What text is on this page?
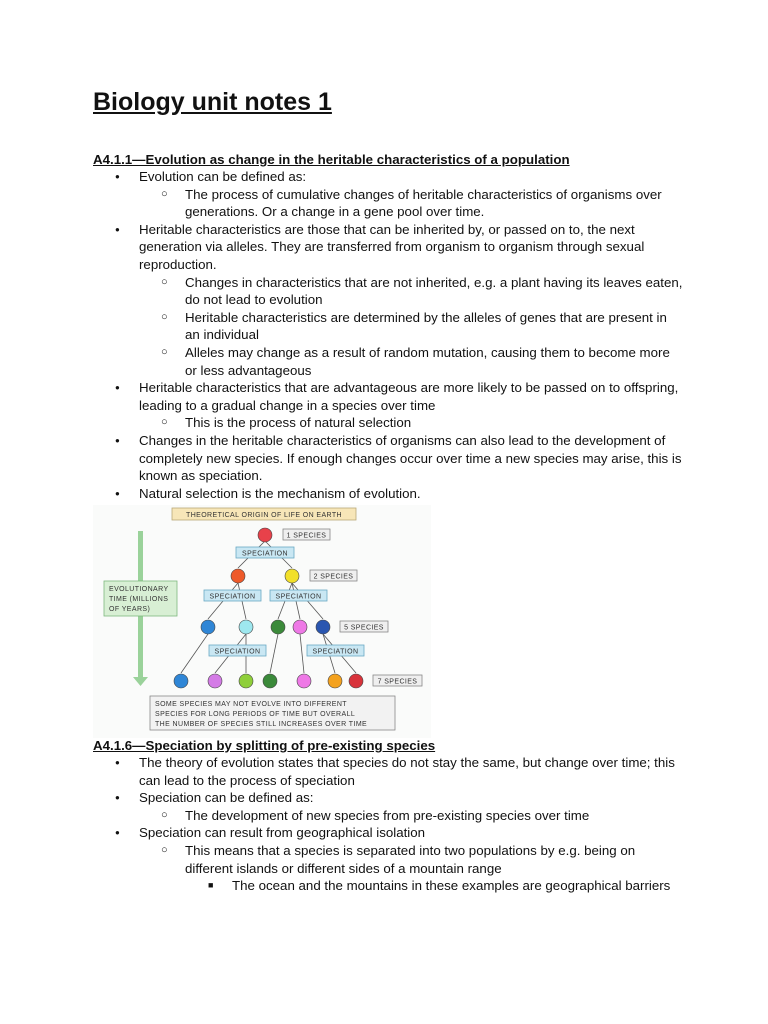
Biology unit notes 1
A4.1.1—Evolution as change in the heritable characteristics of a population
● Evolution can be defined as:
○ The process of cumulative changes of heritable characteristics of organisms over generations. Or a change in a gene pool over time.
● Heritable characteristics are those that can be inherited by, or passed on to, the next generation via alleles. They are transferred from organism to organism through sexual reproduction.
○ Changes in characteristics that are not inherited, e.g. a plant having its leaves eaten, do not lead to evolution
○ Heritable characteristics are determined by the alleles of genes that are present in an individual
○ Alleles may change as a result of random mutation, causing them to become more or less advantageous
● Heritable characteristics that are advantageous are more likely to be passed on to offspring, leading to a gradual change in a species over time
○ This is the process of natural selection
● Changes in the heritable characteristics of organisms can also lead to the development of completely new species. If enough changes occur over time a new species may arise, this is known as speciation.
● Natural selection is the mechanism of evolution.
THEORETICAL ORIGIN OF LIFE ON EARTH
EVOLUTIONARY
TIME (MILLIONS
OF YEARS)
SPECIATION
SPECIATION	SPECIATION
SPECIATION	SPECIATION
1 SPECIES
2 SPECIES
5 SPECIES
7 SPECIES
SOME SPECIES MAY NOT EVOLVE INTO DIFFERENT
SPECIES FOR LONG PERIODS OF TIME BUT OVERALL
THE NUMBER OF SPECIES STILL INCREASES OVER TIME
A4.1.6—Speciation by splitting of pre-existing species
● The theory of evolution states that species do not stay the same, but change over time; this can lead to the process of speciation
● Speciation can be defined as:
○ The development of new species from pre-existing species over time
● Speciation can result from geographical isolation
○ This means that a species is separated into two populations by e.g. being on different islands or different sides of a mountain range
■ The ocean and the mountains in these examples are geographical barriers
